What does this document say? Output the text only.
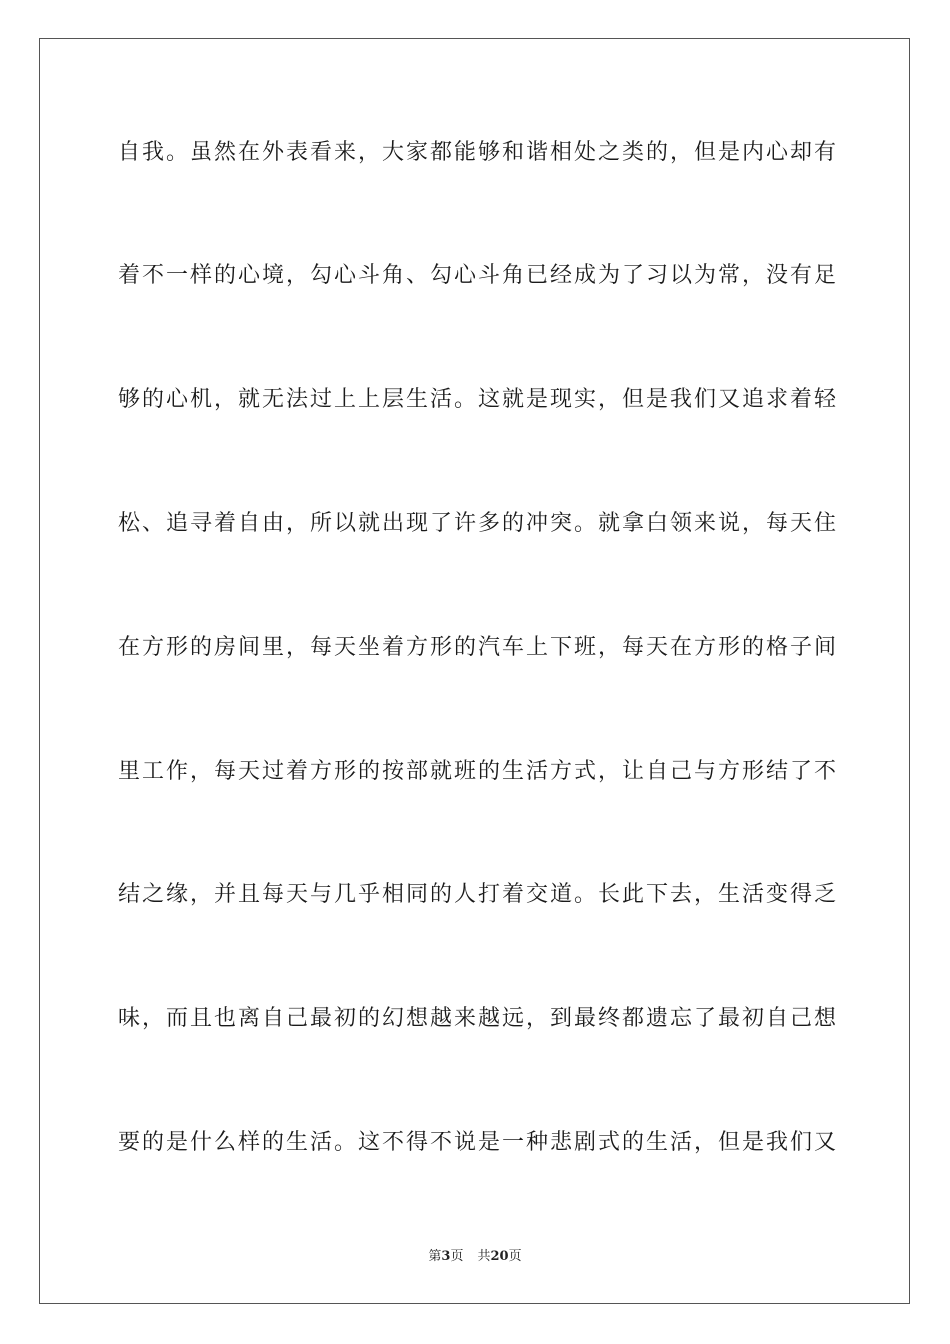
自我。虽然在外表看来，大家都能够和谐相处之类的，但是内心却有
着不一样的心境，勾心斗角、勾心斗角已经成为了习以为常，没有足
够的心机，就无法过上上层生活。这就是现实，但是我们又追求着轻
松、追寻着自由，所以就出现了许多的冲突。就拿白领来说，每天住
在方形的房间里，每天坐着方形的汽车上下班，每天在方形的格子间
里工作，每天过着方形的按部就班的生活方式，让自己与方形结了不
结之缘，并且每天与几乎相同的人打着交道。长此下去，生活变得乏
味，而且也离自己最初的幻想越来越远，到最终都遗忘了最初自己想
要的是什么样的生活。这不得不说是一种悲剧式的生活，但是我们又
第3页 共20页
